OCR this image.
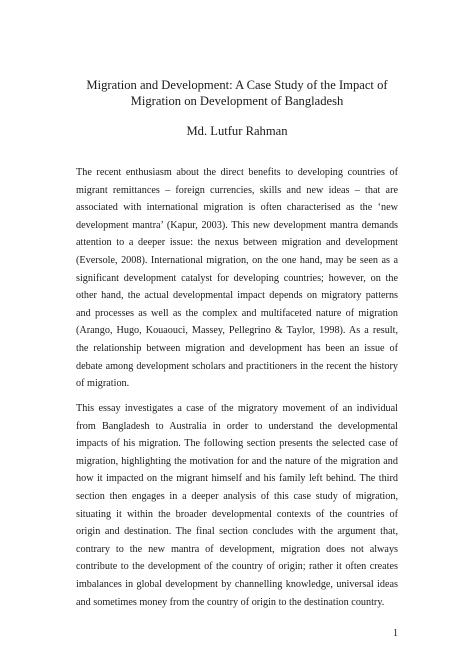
Migration and Development: A Case Study of the Impact of
Migration on Development of Bangladesh

Md. Lutfur Rahman

The recent enthusiasm about the direct benefits to developing countries of migrant remittances – foreign currencies, skills and new ideas – that are associated with international migration is often characterised as the ‘new development mantra’ (Kapur, 2003). This new development mantra demands attention to a deeper issue: the nexus between migration and development (Eversole, 2008). International migration, on the one hand, may be seen as a significant development catalyst for developing countries; however, on the other hand, the actual developmental impact depends on migratory patterns and processes as well as the complex and multifaceted nature of migration (Arango, Hugo, Kouaouci, Massey, Pellegrino & Taylor, 1998). As a result, the relationship between migration and development has been an issue of debate among development scholars and practitioners in the recent the history of migration.

This essay investigates a case of the migratory movement of an individual from Bangladesh to Australia in order to understand the developmental impacts of his migration. The following section presents the selected case of migration, highlighting the motivation for and the nature of the migration and how it impacted on the migrant himself and his family left behind. The third section then engages in a deeper analysis of this case study of migration, situating it within the broader developmental contexts of the countries of origin and destination. The final section concludes with the argument that, contrary to the new mantra of development, migration does not always contribute to the development of the country of origin; rather it often creates imbalances in global development by channelling knowledge, universal ideas and sometimes money from the country of origin to the destination country.

1
